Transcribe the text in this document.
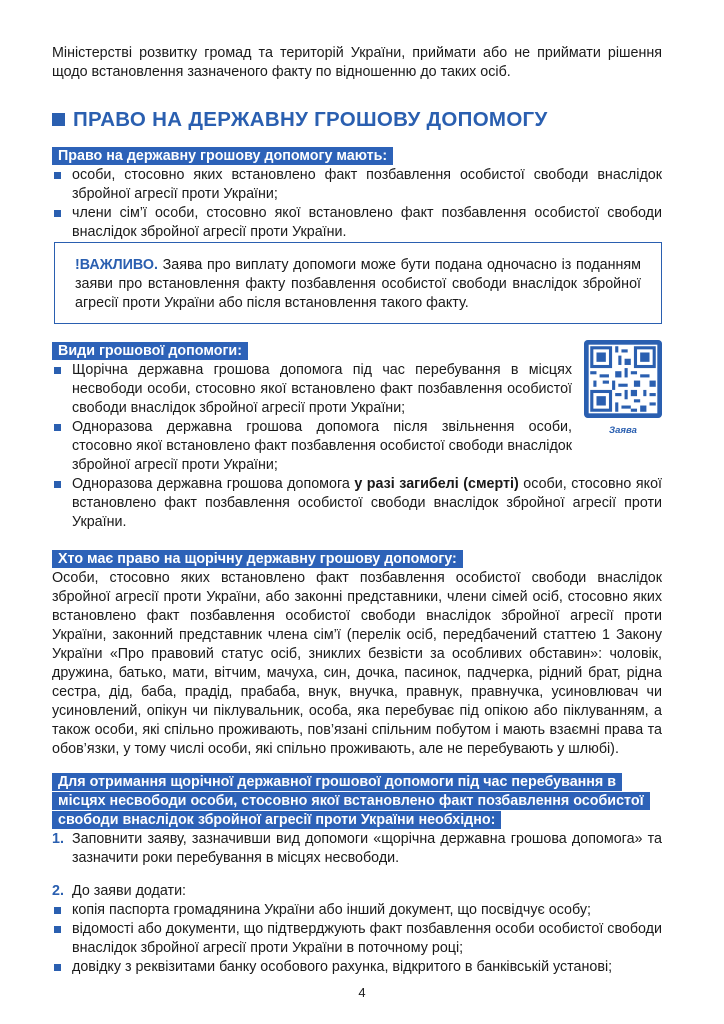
Міністерстві розвитку громад та територій України, приймати або не приймати рішення щодо встановлення зазначеного факту по відношенню до таких осіб.

ПРАВО НА ДЕРЖАВНУ ГРОШОВУ ДОПОМОГУ
Право на державну грошову допомогу мають:
особи, стосовно яких встановлено факт позбавлення особистої свободи внаслідок збройної агресії проти України;
члени сім’ї особи, стосовно якої встановлено факт позбавлення особистої свободи внаслідок збройної агресії проти України.
!ВАЖЛИВО. Заява про виплату допомоги може бути подана одночасно із поданням заяви про встановлення факту позбавлення особистої свободи внаслідок збройної агресії проти України або після встановлення такого факту.
Види грошової допомоги:
Щорічна державна грошова допомога під час перебування в місцях несвободи особи, стосовно якої встановлено факт позбавлення особистої свободи внаслідок збройної агресії проти України;
Одноразова державна грошова допомога після звільнення особи, стосовно якої встановлено факт позбавлення особистої свободи внаслідок збройної агресії проти України;
Одноразова державна грошова допомога у разі загибелі (смерті) особи, стосовно якої встановлено факт позбавлення особистої свободи внаслідок збройної агресії проти України.
Заява
Хто має право на щорічну державну грошову допомогу:

Особи, стосовно яких встановлено факт позбавлення особистої свободи внаслідок збройної агресії проти України, або законні представники, члени сімей осіб, стосовно яких встановлено факт позбавлення особистої свободи внаслідок збройної агресії проти України, законний представник члена сім’ї (перелік осіб, передбачений статтею 1 Закону України «Про правовий статус осіб, зниклих безвісти за особливих обставин»: чоловік, дружина, батько, мати, вітчим, мачуха, син, дочка, пасинок, падчерка, рідний брат, рідна сестра, дід, баба, прадід, прабаба, внук, внучка, правнук, правнучка, усиновлювач чи усиновлений, опікун чи піклувальник, особа, яка перебуває під опікою або піклуванням, а також особи, які спільно проживають, пов’язані спільним побутом і мають взаємні права та обов’язки, у тому числі особи, які спільно проживають, але не перебувають у шлюбі).

Для отримання щорічної державної грошової допомоги під час перебування в місцях несвободи особи, стосовно якої встановлено факт позбавлення особистої свободи внаслідок збройної агресії проти України необхідно:
1. Заповнити заяву, зазначивши вид допомоги «щорічна державна грошова допомога» та зазначити роки перебування в місцях несвободи.
2. До заяви додати:
копія паспорта громадянина України або інший документ, що посвідчує особу;
відомості або документи, що підтверджують факт позбавлення особи особистої свободи внаслідок збройної агресії проти України в поточному році;
довідку з реквізитами банку особового рахунка, відкритого в банківській установі;
4
